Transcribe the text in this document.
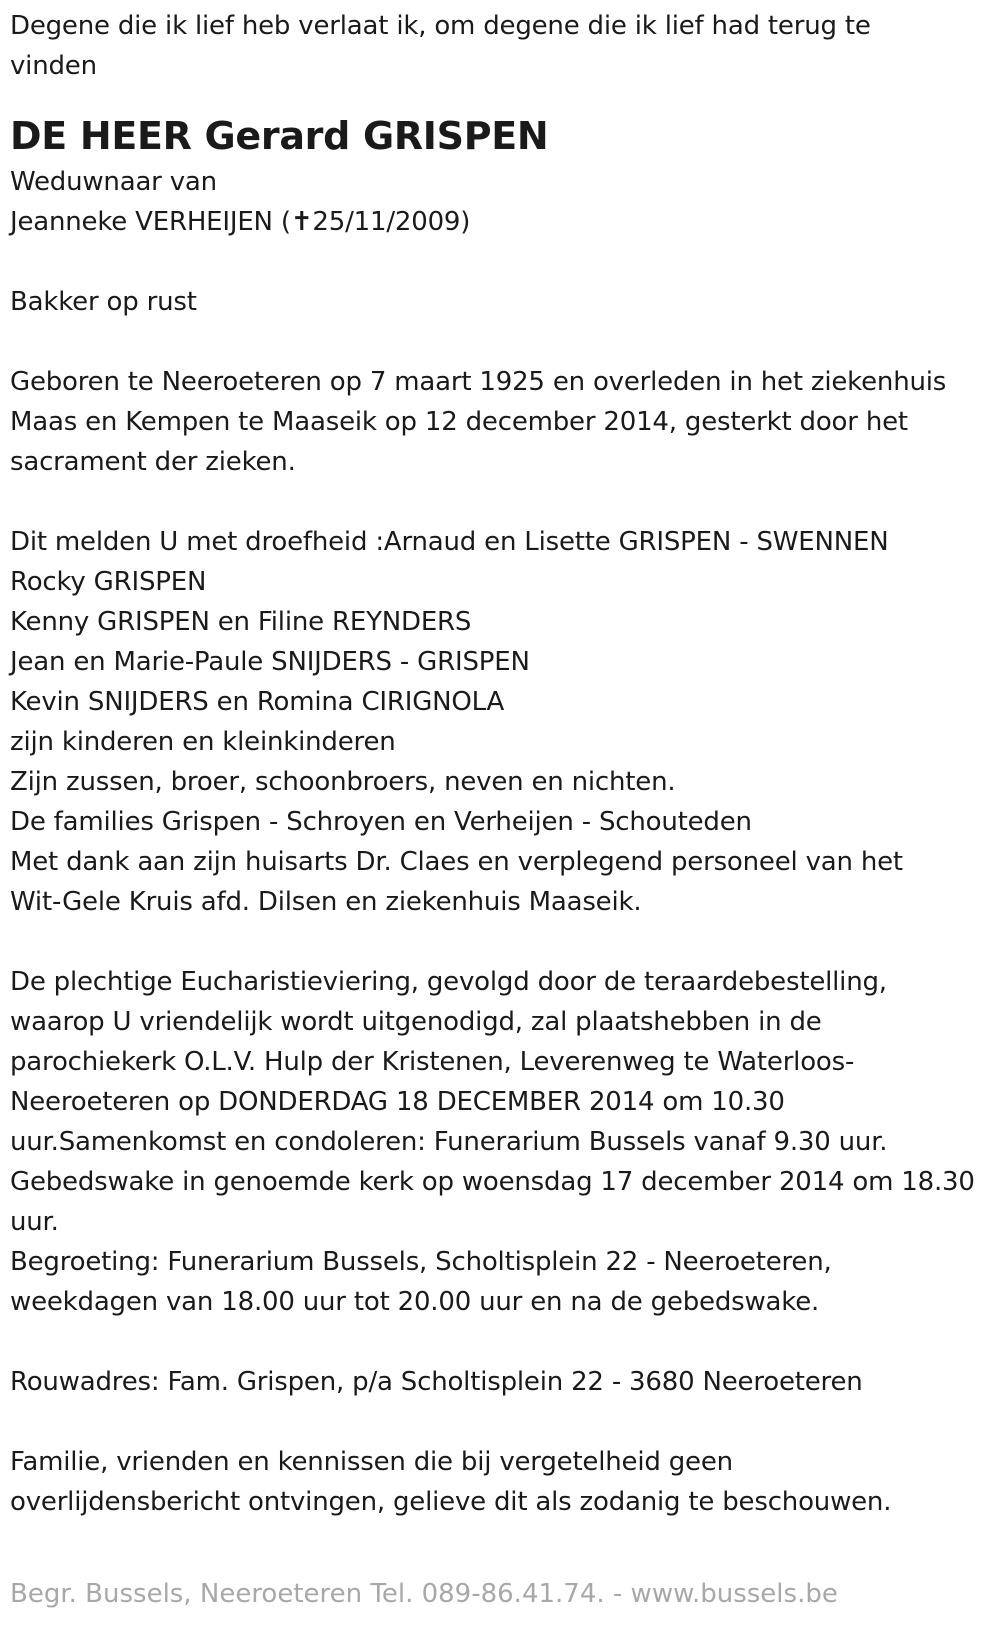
Degene die ik lief heb verlaat ik, om degene die ik lief had terug te
vinden
DE HEER Gerard GRISPEN
Weduwnaar van
Jeanneke VERHEIJEN (✝25/11/2009)
Bakker op rust
Geboren te Neeroeteren op 7 maart 1925 en overleden in het ziekenhuis
Maas en Kempen te Maaseik op 12 december 2014, gesterkt door het
sacrament der zieken.
Dit melden U met droefheid :Arnaud en Lisette GRISPEN - SWENNEN
Rocky GRISPEN
Kenny GRISPEN en Filine REYNDERS
Jean en Marie-Paule SNIJDERS - GRISPEN
Kevin SNIJDERS en Romina CIRIGNOLA
zijn kinderen en kleinkinderen
Zijn zussen, broer, schoonbroers, neven en nichten.
De families Grispen - Schroyen en Verheijen - Schouteden
Met dank aan zijn huisarts Dr. Claes en verplegend personeel van het
Wit-Gele Kruis afd. Dilsen en ziekenhuis Maaseik.
De plechtige Eucharistieviering, gevolgd door de teraardebestelling,
waarop U vriendelijk wordt uitgenodigd, zal plaatshebben in de
parochiekerk O.L.V. Hulp der Kristenen, Leverenweg te Waterloos-
Neeroeteren op DONDERDAG 18 DECEMBER 2014 om 10.30
uur.Samenkomst en condoleren: Funerarium Bussels vanaf 9.30 uur.
Gebedswake in genoemde kerk op woensdag 17 december 2014 om 18.30
uur.
Begroeting: Funerarium Bussels, Scholtisplein 22 - Neeroeteren,
weekdagen van 18.00 uur tot 20.00 uur en na de gebedswake.
Rouwadres: Fam. Grispen, p/a Scholtisplein 22 - 3680 Neeroeteren
Familie, vrienden en kennissen die bij vergetelheid geen
overlijdensbericht ontvingen, gelieve dit als zodanig te beschouwen.
Begr. Bussels, Neeroeteren Tel. 089-86.41.74. - www.bussels.be
